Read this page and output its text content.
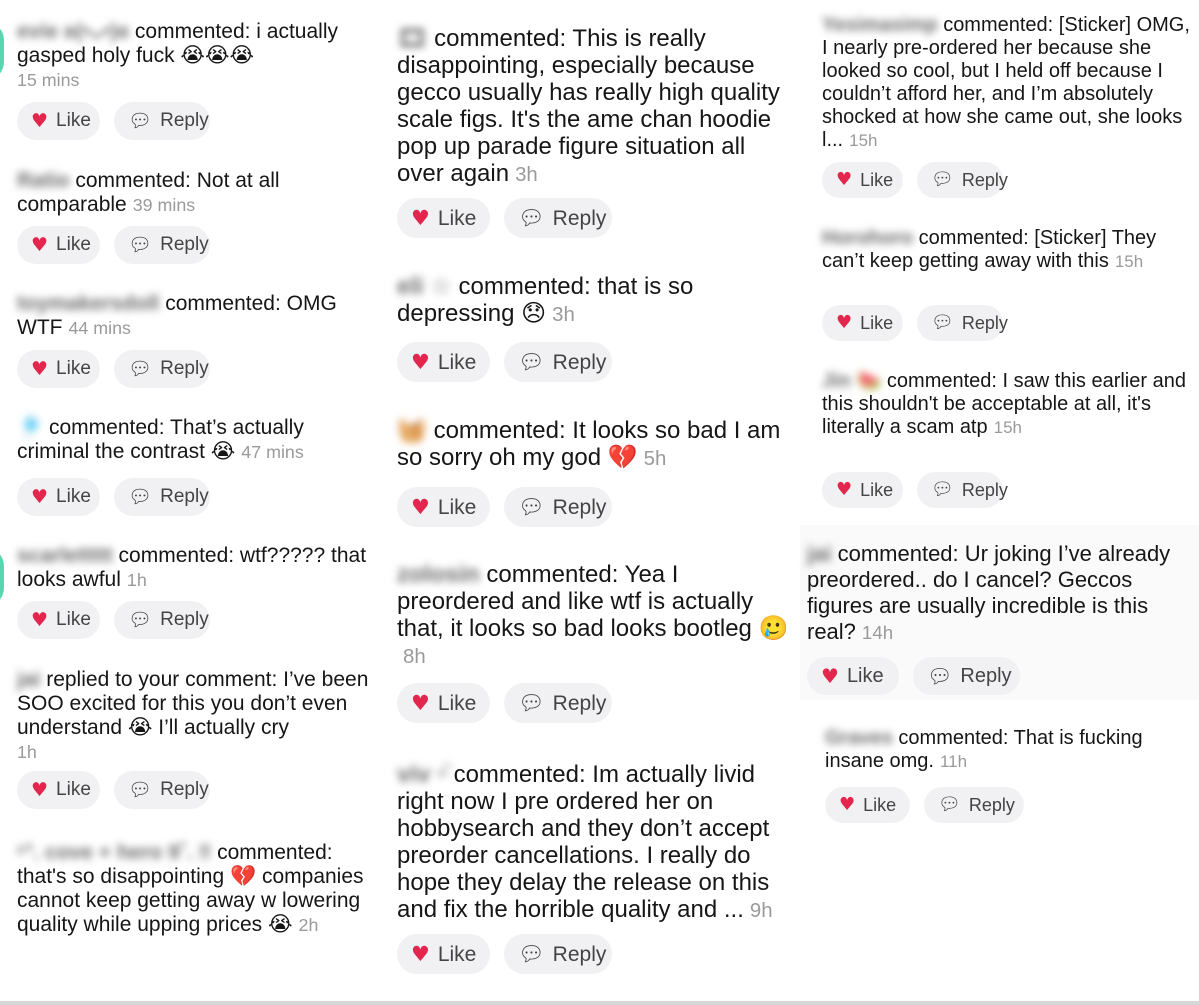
evie ʚ(•ᴗ•)ɞ commented: i actually gasped holy fuck 😭😭😭
15 mins

♥ Like 💬︎ Reply

Ratio commented: Not at all comparable 39 mins

♥ Like 💬︎ Reply

toymakersdoll commented: OMG WTF 44 mins

♥ Like 💬︎ Reply

🎐 commented: That’s actually criminal the contrast 😭 47 mins

♥ Like 💬︎ Reply

scarlettttt commented: wtf????? that looks awful 1h

♥ Like 💬︎ Reply

jai replied to your comment: I’ve been SOO excited for this you don’t even understand 😭 I’ll actually cry
1h

♥ Like 💬︎ Reply

ᶜ°. cove + hero 9˚. ‼ commented: that's so disappointing 💔 companies cannot keep getting away w lowering quality while upping prices 😭 2h

🎞 commented: This is really disappointing, especially because gecco usually has really high quality scale figs. It's the ame chan hoodie pop up parade figure situation all over again 3h

♥ Like 💬︎ Reply

eli ☆ commented: that is so depressing 😞 3h

♥ Like 💬︎ Reply

🧺 commented: It looks so bad I am so sorry oh my god 💔 5h

♥ Like 💬︎ Reply

zolosin commented: Yea I preordered and like wtf is actually that, it looks so bad looks bootleg 🥲8h

♥ Like 💬︎ Reply

viv ᵕ̈ commented: Im actually livid right now I pre ordered her on hobbysearch and they don’t accept preorder cancellations. I really do hope they delay the release on this and fix the horrible quality and ... 9h

♥ Like 💬︎ Reply

Yesimasimp commented: [Sticker] OMG, I nearly pre-ordered her because she looked so cool, but I held off because I couldn’t afford her, and I’m absolutely shocked at how she came out, she looks l... 15h

♥ Like 💬︎ Reply

Horohoro commented: [Sticker] They can’t keep getting away with this 15h

♥ Like 💬︎ Reply

Jin 🍉 commented: I saw this earlier and this shouldn't be acceptable at all, it's literally a scam atp 15h

♥ Like 💬︎ Reply

jai commented: Ur joking I’ve already preordered.. do I cancel? Geccos figures are usually incredible is this real? 14h

♥ Like 💬︎ Reply

Graves commented: That is fucking insane omg. 11h

♥ Like 💬︎ Reply
